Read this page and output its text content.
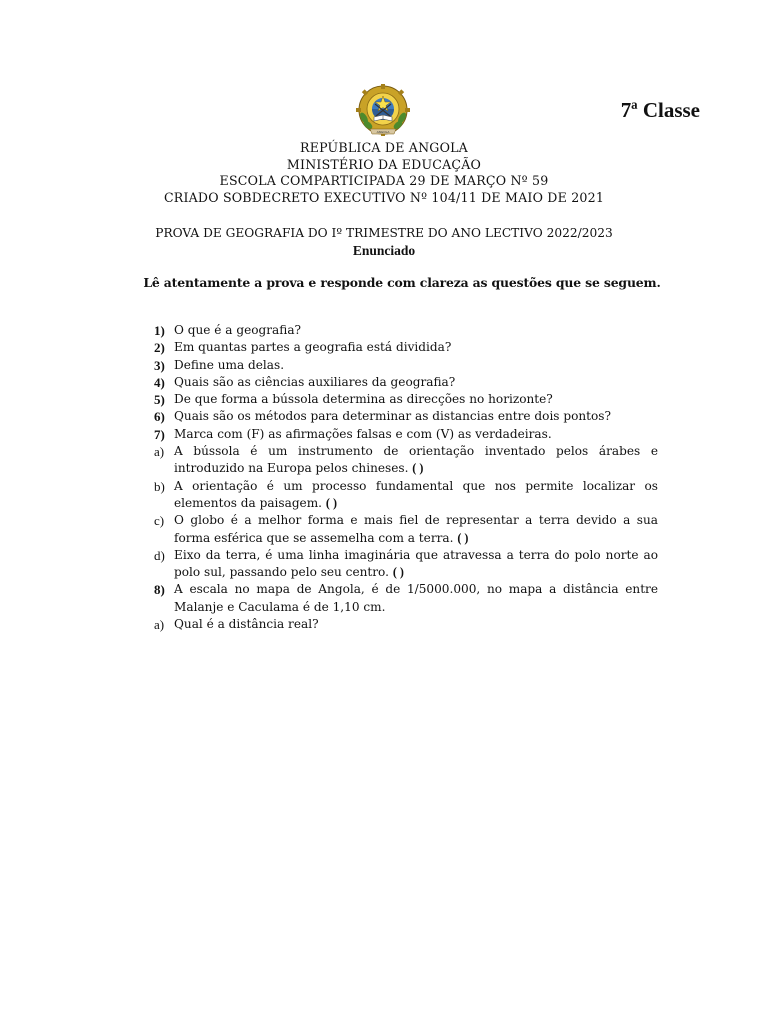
ANGOLA
7ª Classe
REPÚBLICA DE ANGOLA
MINISTÉRIO DA EDUCAÇÃO
ESCOLA COMPARTICIPADA 29 DE MARÇO Nº 59
CRIADO SOBDECRETO EXECUTIVO Nº 104/11 DE MAIO DE 2021
PROVA DE GEOGRAFIA DO Iº TRIMESTRE DO ANO LECTIVO 2022/2023
Enunciado
Lê atentamente a prova e responde com clareza as questões que se seguem.
1) O que é a geografia?
2) Em quantas partes a geografia está dividida?
3) Define uma delas.
4) Quais são as ciências auxiliares da geografia?
5) De que forma a bússola determina as direcções no horizonte?
6) Quais são os métodos para determinar as distancias entre dois pontos?
7) Marca com (F) as afirmações falsas e com (V) as verdadeiras.
a) A bússola é um instrumento de orientação inventado pelos árabes e introduzido na Europa pelos chineses. ( )
b) A orientação é um processo fundamental que nos permite localizar os elementos da paisagem. ( )
c) O globo é a melhor forma e mais fiel de representar a terra devido a sua forma esférica que se assemelha com a terra. ( )
d) Eixo da terra, é uma linha imaginária que atravessa a terra do polo norte ao polo sul, passando pelo seu centro. ( )
8) A escala no mapa de Angola, é de 1/5000.000, no mapa a distância entre Malanje e Caculama é de 1,10 cm.
a) Qual é a distância real?
